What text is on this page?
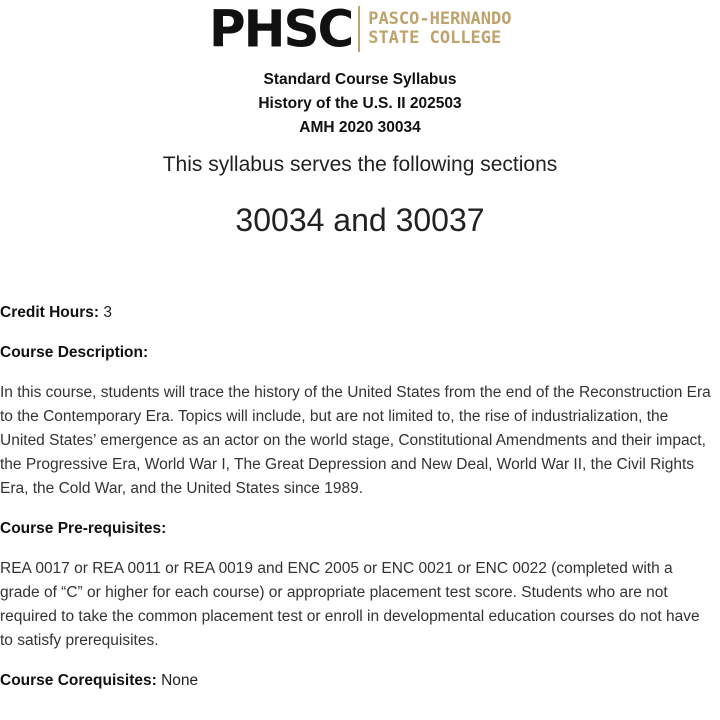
PHSC PASCO-HERNANDO
STATE COLLEGE
Standard Course Syllabus
History of the U.S. II 202503
AMH 2020 30034
This syllabus serves the following sections
30034 and 30037
Credit Hours: 3
Course Description:
In this course, students will trace the history of the United States from the end of the Reconstruction Era to the Contemporary Era. Topics will include, but are not limited to, the rise of industrialization, the United States’ emergence as an actor on the world stage, Constitutional Amendments and their impact, the Progressive Era, World War I, The Great Depression and New Deal, World War II, the Civil Rights Era, the Cold War, and the United States since 1989.
Course Pre-requisites:
REA 0017 or REA 0011 or REA 0019 and ENC 2005 or ENC 0021 or ENC 0022 (completed with a grade of “C” or higher for each course) or appropriate placement test score. Students who are not required to take the common placement test or enroll in developmental education courses do not have to satisfy prerequisites.
Course Corequisites: None
